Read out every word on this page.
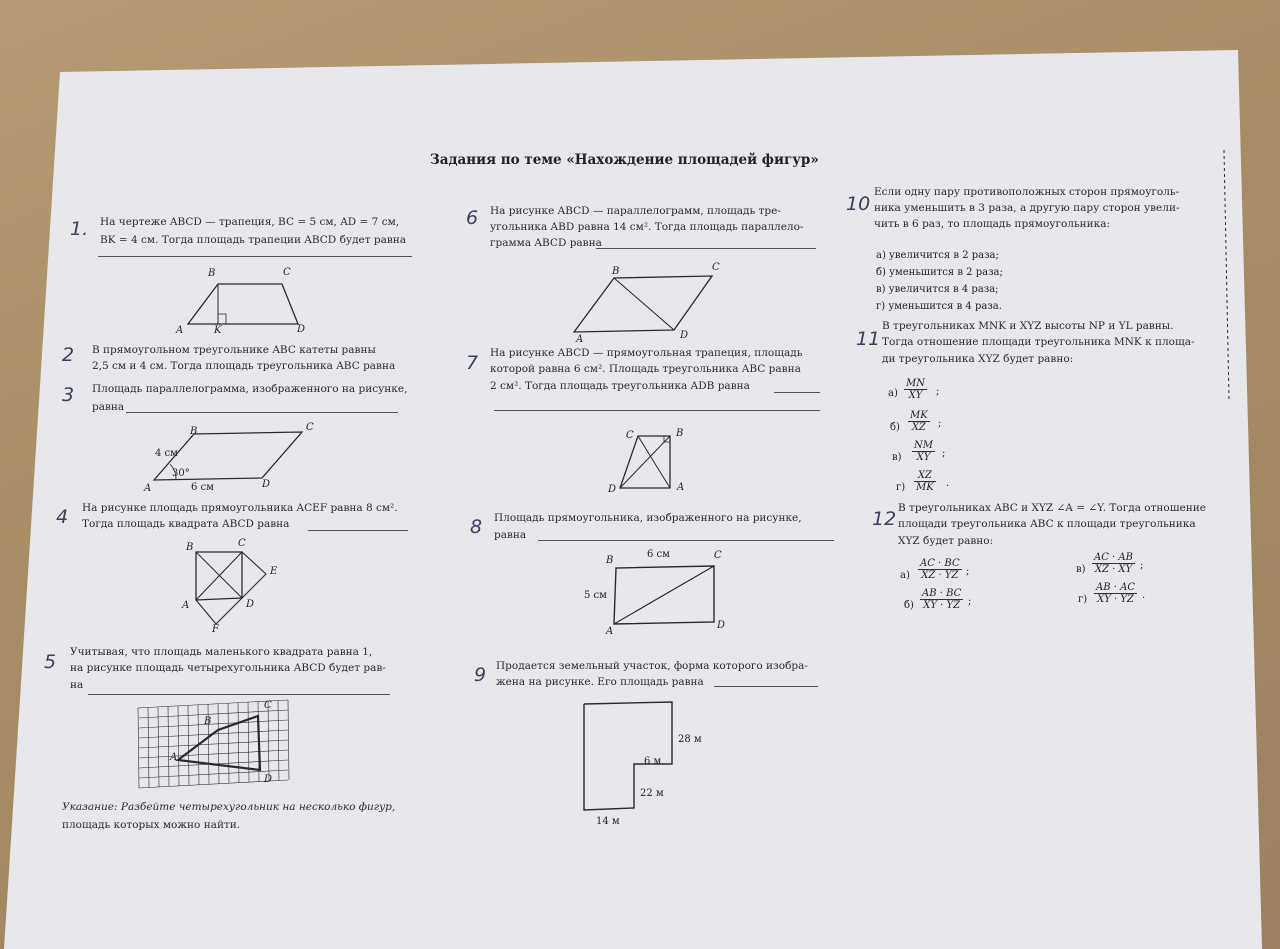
Задания по теме «Нахождение площадей фигур»
1. На чертеже ABCD — трапеция, BC = 5 см, AD = 7 см,
BK = 4 см. Тогда площадь трапеции ABCD будет равна
B	C
A	K	D
2 В прямоугольном треугольнике ABC катеты равны
2,5 см и 4 см. Тогда площадь треугольника ABC равна
3 Площадь параллелограмма, изображенного на рисунке,
равна
B	C
A	D
4 см
6 см
30°
4 На рисунке площадь прямоугольника ACEF равна 8 см².
Тогда площадь квадрата ABCD равна
B	C
E
A	D
F
5 Учитывая, что площадь маленького квадрата равна 1,
на рисунке площадь четырехугольника ABCD будет рав-
на
B
C
A
D
Указание: Разбейте четырехугольник на несколько фигур,
площадь которых можно найти.
6 На рисунке ABCD — параллелограмм, площадь тре-
угольника ABD равна 14 см². Тогда площадь параллело-
грамма ABCD равна
B	C
A	D
7 На рисунке ABCD — прямоугольная трапеция, площадь
которой равна 6 см². Площадь треугольника ABC равна
2 см². Тогда площадь треугольника ADB равна
C	B
D	A
8 Площадь прямоугольника, изображенного на рисунке,
равна
6 см
5 см
B	C
A
D
9 Продается земельный участок, форма которого изобра-
жена на рисунке. Его площадь равна
28 м
6 м
22 м
14 м
10
Если одну пару противоположных сторон прямоуголь-
ника уменьшить в 3 раза, а другую пару сторон увели-
чить в 6 раз, то площадь прямоугольника:
а) увеличится в 2 раза;
б) уменьшится в 2 раза;
в) увеличится в 4 раза;
г) уменьшится в 4 раза.
11
В треугольниках MNK и XYZ высоты NP и YL равны.
Тогда отношение площади треугольника MNK к площа-
ди треугольника XYZ будет равно:
$а) \frac{MN}{XY}$ ;
$б) \frac{MK}{XZ}$ ;
$в) \frac{NM}{XY}$ ;
$г) \frac{XZ}{MK}$ .
12 В треугольниках ABC и XYZ ∠A = ∠Y. Тогда отношение
площади треугольника ABC к площади треугольника
XYZ будет равно:
$а) \frac{AC \cdot BC}{XZ \cdot YZ}$ ;
$б) \frac{AB \cdot BC}{XY \cdot YZ}$ ;
$в) \frac{AC \cdot AB}{XZ \cdot XY}$ ;
$г) \frac{AB \cdot AC}{XY \cdot YZ}$ .
